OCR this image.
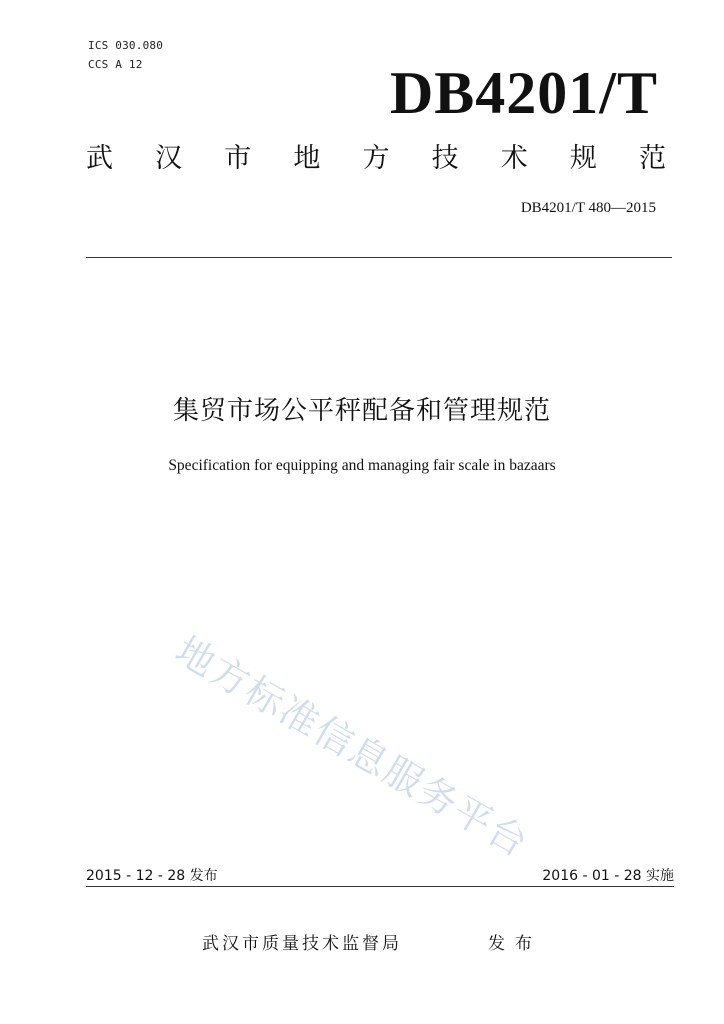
ICS 030.080
CCS A 12	DB4201/T
武 汉 市 地 方 技 术 规 范
DB4201/T 480—2015
集贸市场公平秤配备和管理规范
Specification for equipping and managing fair scale in bazaars
地方标准信息服务平台
2015 - 12 - 28 发布	2016 - 01 - 28 实施
武汉市质量技术监督局	发布
